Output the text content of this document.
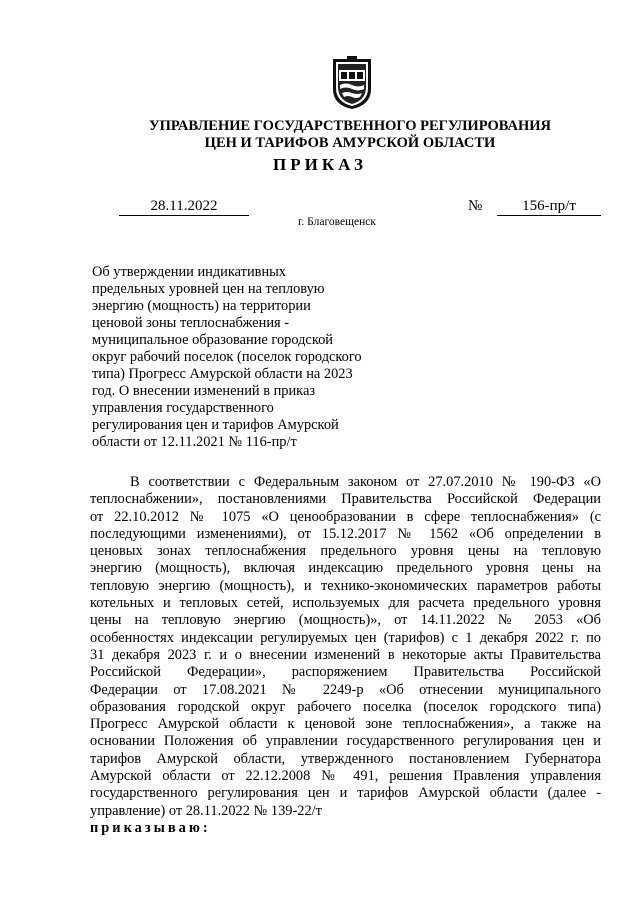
УПРАВЛЕНИЕ ГОСУДАРСТВЕННОГО РЕГУЛИРОВАНИЯ
ЦЕН И ТАРИФОВ АМУРСКОЙ ОБЛАСТИ
ПРИКАЗ
28.11.2022	№	156-пр/т
г. Благовещенск
Об утверждении индикативных
предельных уровней цен на тепловую
энергию (мощность) на территории
ценовой зоны теплоснабжения -
муниципальное образование городской
округ рабочий поселок (поселок городского
типа) Прогресс Амурской области на 2023
год. О внесении изменений в приказ
управления государственного
регулирования цен и тарифов Амурской
области от 12.11.2021 № 116-пр/т
В соответствии с Федеральным законом от 27.07.2010 № 190-ФЗ «О
теплоснабжении», постановлениями Правительства Российской Федерации
от 22.10.2012 № 1075 «О ценообразовании в сфере теплоснабжения» (с
последующими изменениями), от 15.12.2017 № 1562 «Об определении в
ценовых зонах теплоснабжения предельного уровня цены на тепловую
энергию (мощность), включая индексацию предельного уровня цены на
тепловую энергию (мощность), и технико-экономических параметров работы
котельных и тепловых сетей, используемых для расчета предельного уровня
цены на тепловую энергию (мощность)», от 14.11.2022 № 2053 «Об
особенностях индексации регулируемых цен (тарифов) с 1 декабря 2022 г. по
31 декабря 2023 г. и о внесении изменений в некоторые акты Правительства
Российской Федерации», распоряжением Правительства Российской
Федерации от 17.08.2021 № 2249-р «Об отнесении муниципального
образования городской округ рабочего поселка (поселок городского типа)
Прогресс Амурской области к ценовой зоне теплоснабжения», а также на
основании Положения об управлении государственного регулирования цен и
тарифов Амурской области, утвержденного постановлением Губернатора
Амурской области от 22.12.2008 № 491, решения Правления управления
государственного регулирования цен и тарифов Амурской области (далее -
управление) от 28.11.2022 № 139-22/т
приказываю:
